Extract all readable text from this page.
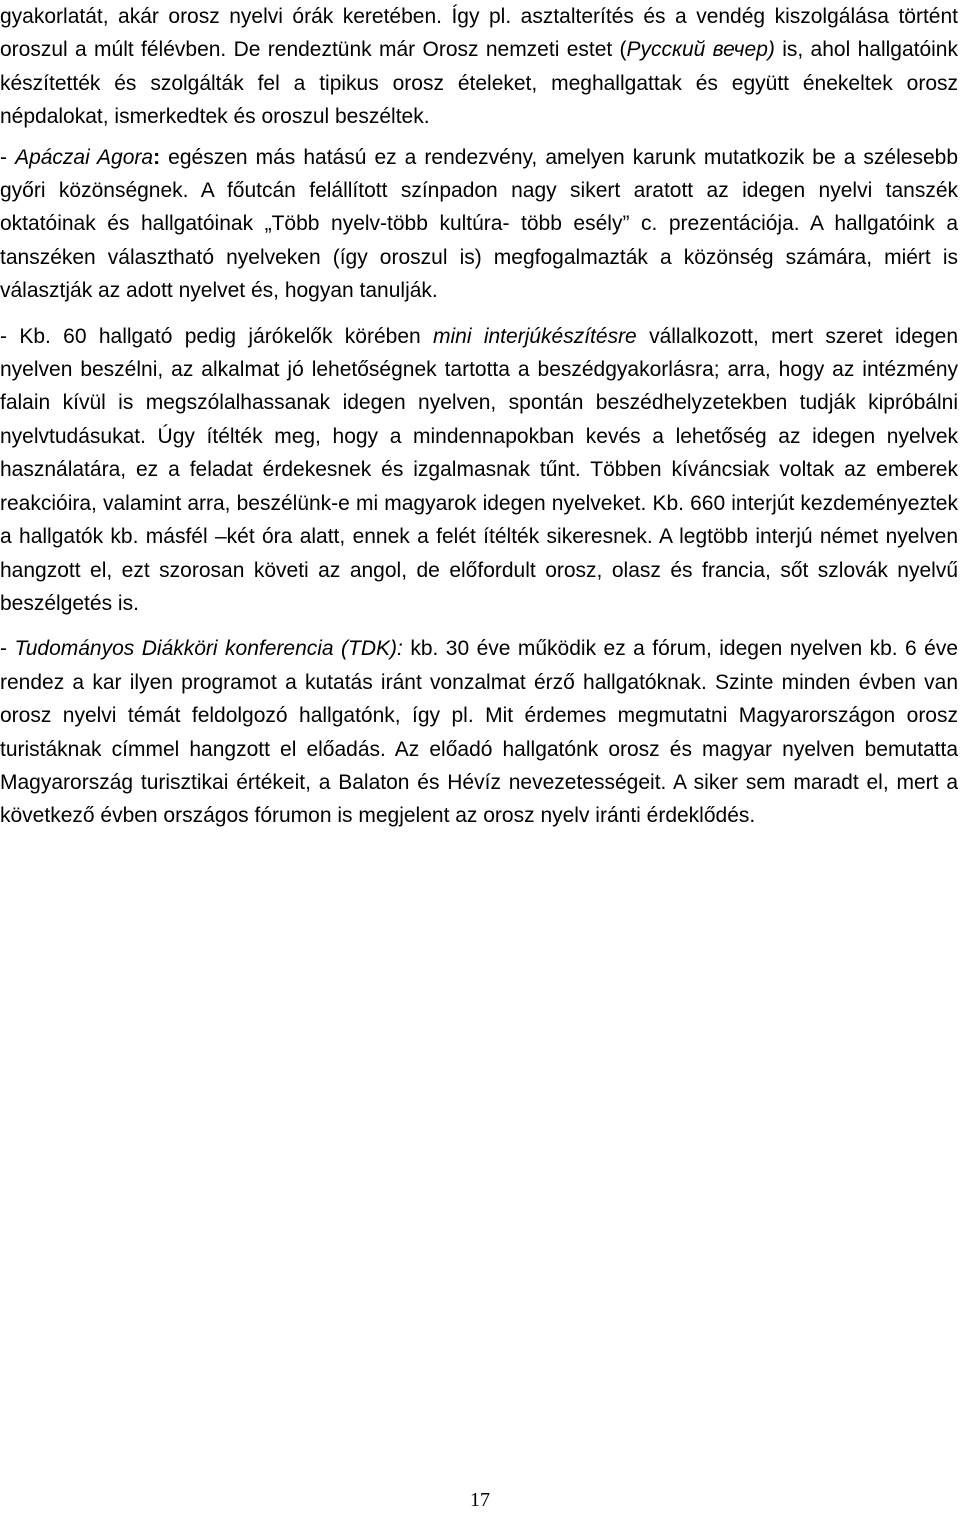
gyakorlatát, akár orosz nyelvi órák keretében. Így pl. asztalterítés és a vendég kiszolgálása történt oroszul a múlt félévben. De rendeztünk már Orosz nemzeti estet (Русский вечер) is, ahol hallgatóink készítették és szolgálták fel a tipikus orosz ételeket, meghallgattak és együtt énekeltek orosz népdalokat, ismerkedtek és oroszul beszéltek.

- Apáczai Agora: egészen más hatású ez a rendezvény, amelyen karunk mutatkozik be a szélesebb győri közönségnek. A főutcán felállított színpadon nagy sikert aratott az idegen nyelvi tanszék oktatóinak és hallgatóinak „Több nyelv-több kultúra- több esély” c. prezentációja. A hallgatóink a tanszéken választható nyelveken (így oroszul is) megfogalmazták a közönség számára, miért is választják az adott nyelvet és, hogyan tanulják.

- Kb. 60 hallgató pedig járókelők körében mini interjúkészítésre vállalkozott, mert szeret idegen nyelven beszélni, az alkalmat jó lehetőségnek tartotta a beszédgyakorlásra; arra, hogy az intézmény falain kívül is megszólalhassanak idegen nyelven, spontán beszédhelyzetekben tudják kipróbálni nyelvtudásukat. Úgy ítélték meg, hogy a mindennapokban kevés a lehetőség az idegen nyelvek használatára, ez a feladat érdekesnek és izgalmasnak tűnt. Többen kíváncsiak voltak az emberek reakcióira, valamint arra, beszélünk-e mi magyarok idegen nyelveket. Kb. 660 interjút kezdeményeztek a hallgatók kb. másfél –két óra alatt, ennek a felét ítélték sikeresnek. A legtöbb interjú német nyelven hangzott el, ezt szorosan követi az angol, de előfordult orosz, olasz és francia, sőt szlovák nyelvű beszélgetés is.

- Tudományos Diákköri konferencia (TDK): kb. 30 éve működik ez a fórum, idegen nyelven kb. 6 éve rendez a kar ilyen programot a kutatás iránt vonzalmat érző hallgatóknak. Szinte minden évben van orosz nyelvi témát feldolgozó hallgatónk, így pl. Mit érdemes megmutatni Magyarországon orosz turistáknak címmel hangzott el előadás. Az előadó hallgatónk orosz és magyar nyelven bemutatta Magyarország turisztikai értékeit, a Balaton és Hévíz nevezetességeit. A siker sem maradt el, mert a következő évben országos fórumon is megjelent az orosz nyelv iránti érdeklődés.

17
